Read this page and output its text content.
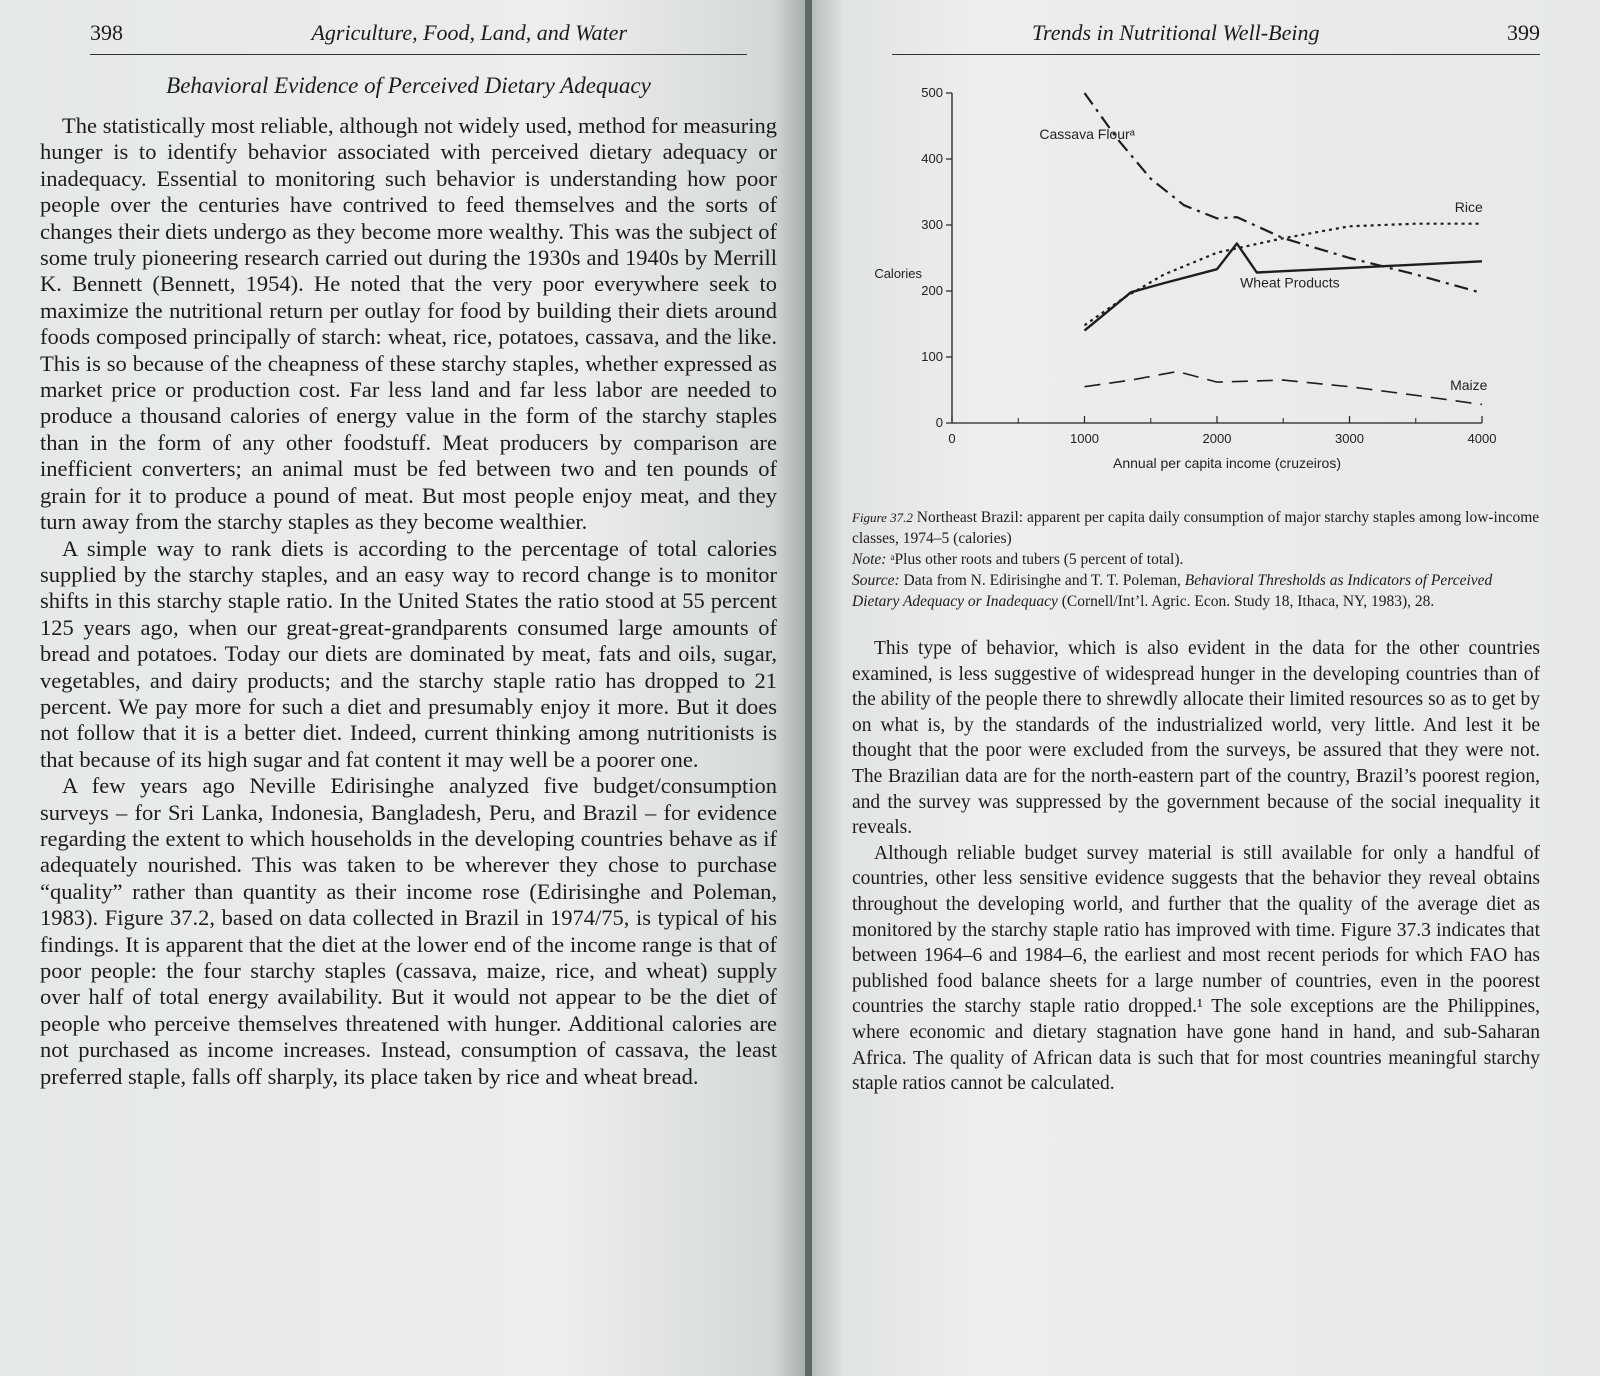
398	Agriculture, Food, Land, and Water
Behavioral Evidence of Perceived Dietary Adequacy

The statistically most reliable, although not widely used, method for measuring hunger is to identify behavior associated with perceived dietary adequacy or inadequacy. Essential to monitoring such behavior is understanding how poor people over the centuries have contrived to feed themselves and the sorts of changes their diets undergo as they become more wealthy. This was the subject of some truly pioneering research carried out during the 1930s and 1940s by Merrill K. Bennett (Bennett, 1954). He noted that the very poor everywhere seek to maximize the nutritional return per outlay for food by building their diets around foods composed principally of starch: wheat, rice, potatoes, cassava, and the like. This is so because of the cheapness of these starchy staples, whether expressed as market price or production cost. Far less land and far less labor are needed to produce a thousand calories of energy value in the form of the starchy staples than in the form of any other foodstuff. Meat producers by comparison are inefficient converters; an animal must be fed between two and ten pounds of grain for it to produce a pound of meat. But most people enjoy meat, and they turn away from the starchy staples as they become wealthier.

A simple way to rank diets is according to the percentage of total calories supplied by the starchy staples, and an easy way to record change is to monitor shifts in this starchy staple ratio. In the United States the ratio stood at 55 percent 125 years ago, when our great-great-grandparents consumed large amounts of bread and potatoes. Today our diets are dominated by meat, fats and oils, sugar, vegetables, and dairy products; and the starchy staple ratio has dropped to 21 percent. We pay more for such a diet and presumably enjoy it more. But it does not follow that it is a better diet. Indeed, current thinking among nutritionists is that because of its high sugar and fat content it may well be a poorer one.

A few years ago Neville Edirisinghe analyzed five budget/consumption surveys – for Sri Lanka, Indonesia, Bangladesh, Peru, and Brazil – for evidence regarding the extent to which households in the developing countries behave as if adequately nourished. This was taken to be wherever they chose to purchase “quality” rather than quantity as their income rose (Edirisinghe and Poleman, 1983). Figure 37.2, based on data collected in Brazil in 1974/75, is typical of his findings. It is apparent that the diet at the lower end of the income range is that of poor people: the four starchy staples (cassava, maize, rice, and wheat) supply over half of total energy availability. But it would not appear to be the diet of people who perceive themselves threatened with hunger. Additional calories are not purchased as income increases. Instead, consumption of cassava, the least preferred staple, falls off sharply, its place taken by rice and wheat bread.

Trends in Nutritional Well-Being	399
0
100
200
300
400
500
0	1000	2000	3000	4000
Annual per capita income (cruzeiros)
Calories
Cassava Flourᵃ
Rice
Wheat Products
Maize
Figure 37.2 Northeast Brazil: apparent per capita daily consumption of major starchy staples among low-income classes, 1974–5 (calories)
Note: ᵃPlus other roots and tubers (5 percent of total).
Source: Data from N. Edirisinghe and T. T. Poleman, Behavioral Thresholds as Indicators of Perceived Dietary Adequacy or Inadequacy (Cornell/Int’l. Agric. Econ. Study 18, Ithaca, NY, 1983), 28.

This type of behavior, which is also evident in the data for the other countries examined, is less suggestive of widespread hunger in the developing countries than of the ability of the people there to shrewdly allocate their limited resources so as to get by on what is, by the standards of the industrialized world, very little. And lest it be thought that the poor were excluded from the surveys, be assured that they were not. The Brazilian data are for the north-eastern part of the country, Brazil’s poorest region, and the survey was suppressed by the government because of the social inequality it reveals.

Although reliable budget survey material is still available for only a handful of countries, other less sensitive evidence suggests that the behavior they reveal obtains throughout the developing world, and further that the quality of the average diet as monitored by the starchy staple ratio has improved with time. Figure 37.3 indicates that between 1964–6 and 1984–6, the earliest and most recent periods for which FAO has published food balance sheets for a large number of countries, even in the poorest countries the starchy staple ratio dropped.¹ The sole exceptions are the Philippines, where economic and dietary stagnation have gone hand in hand, and sub-Saharan Africa. The quality of African data is such that for most countries meaningful starchy staple ratios cannot be calculated.
